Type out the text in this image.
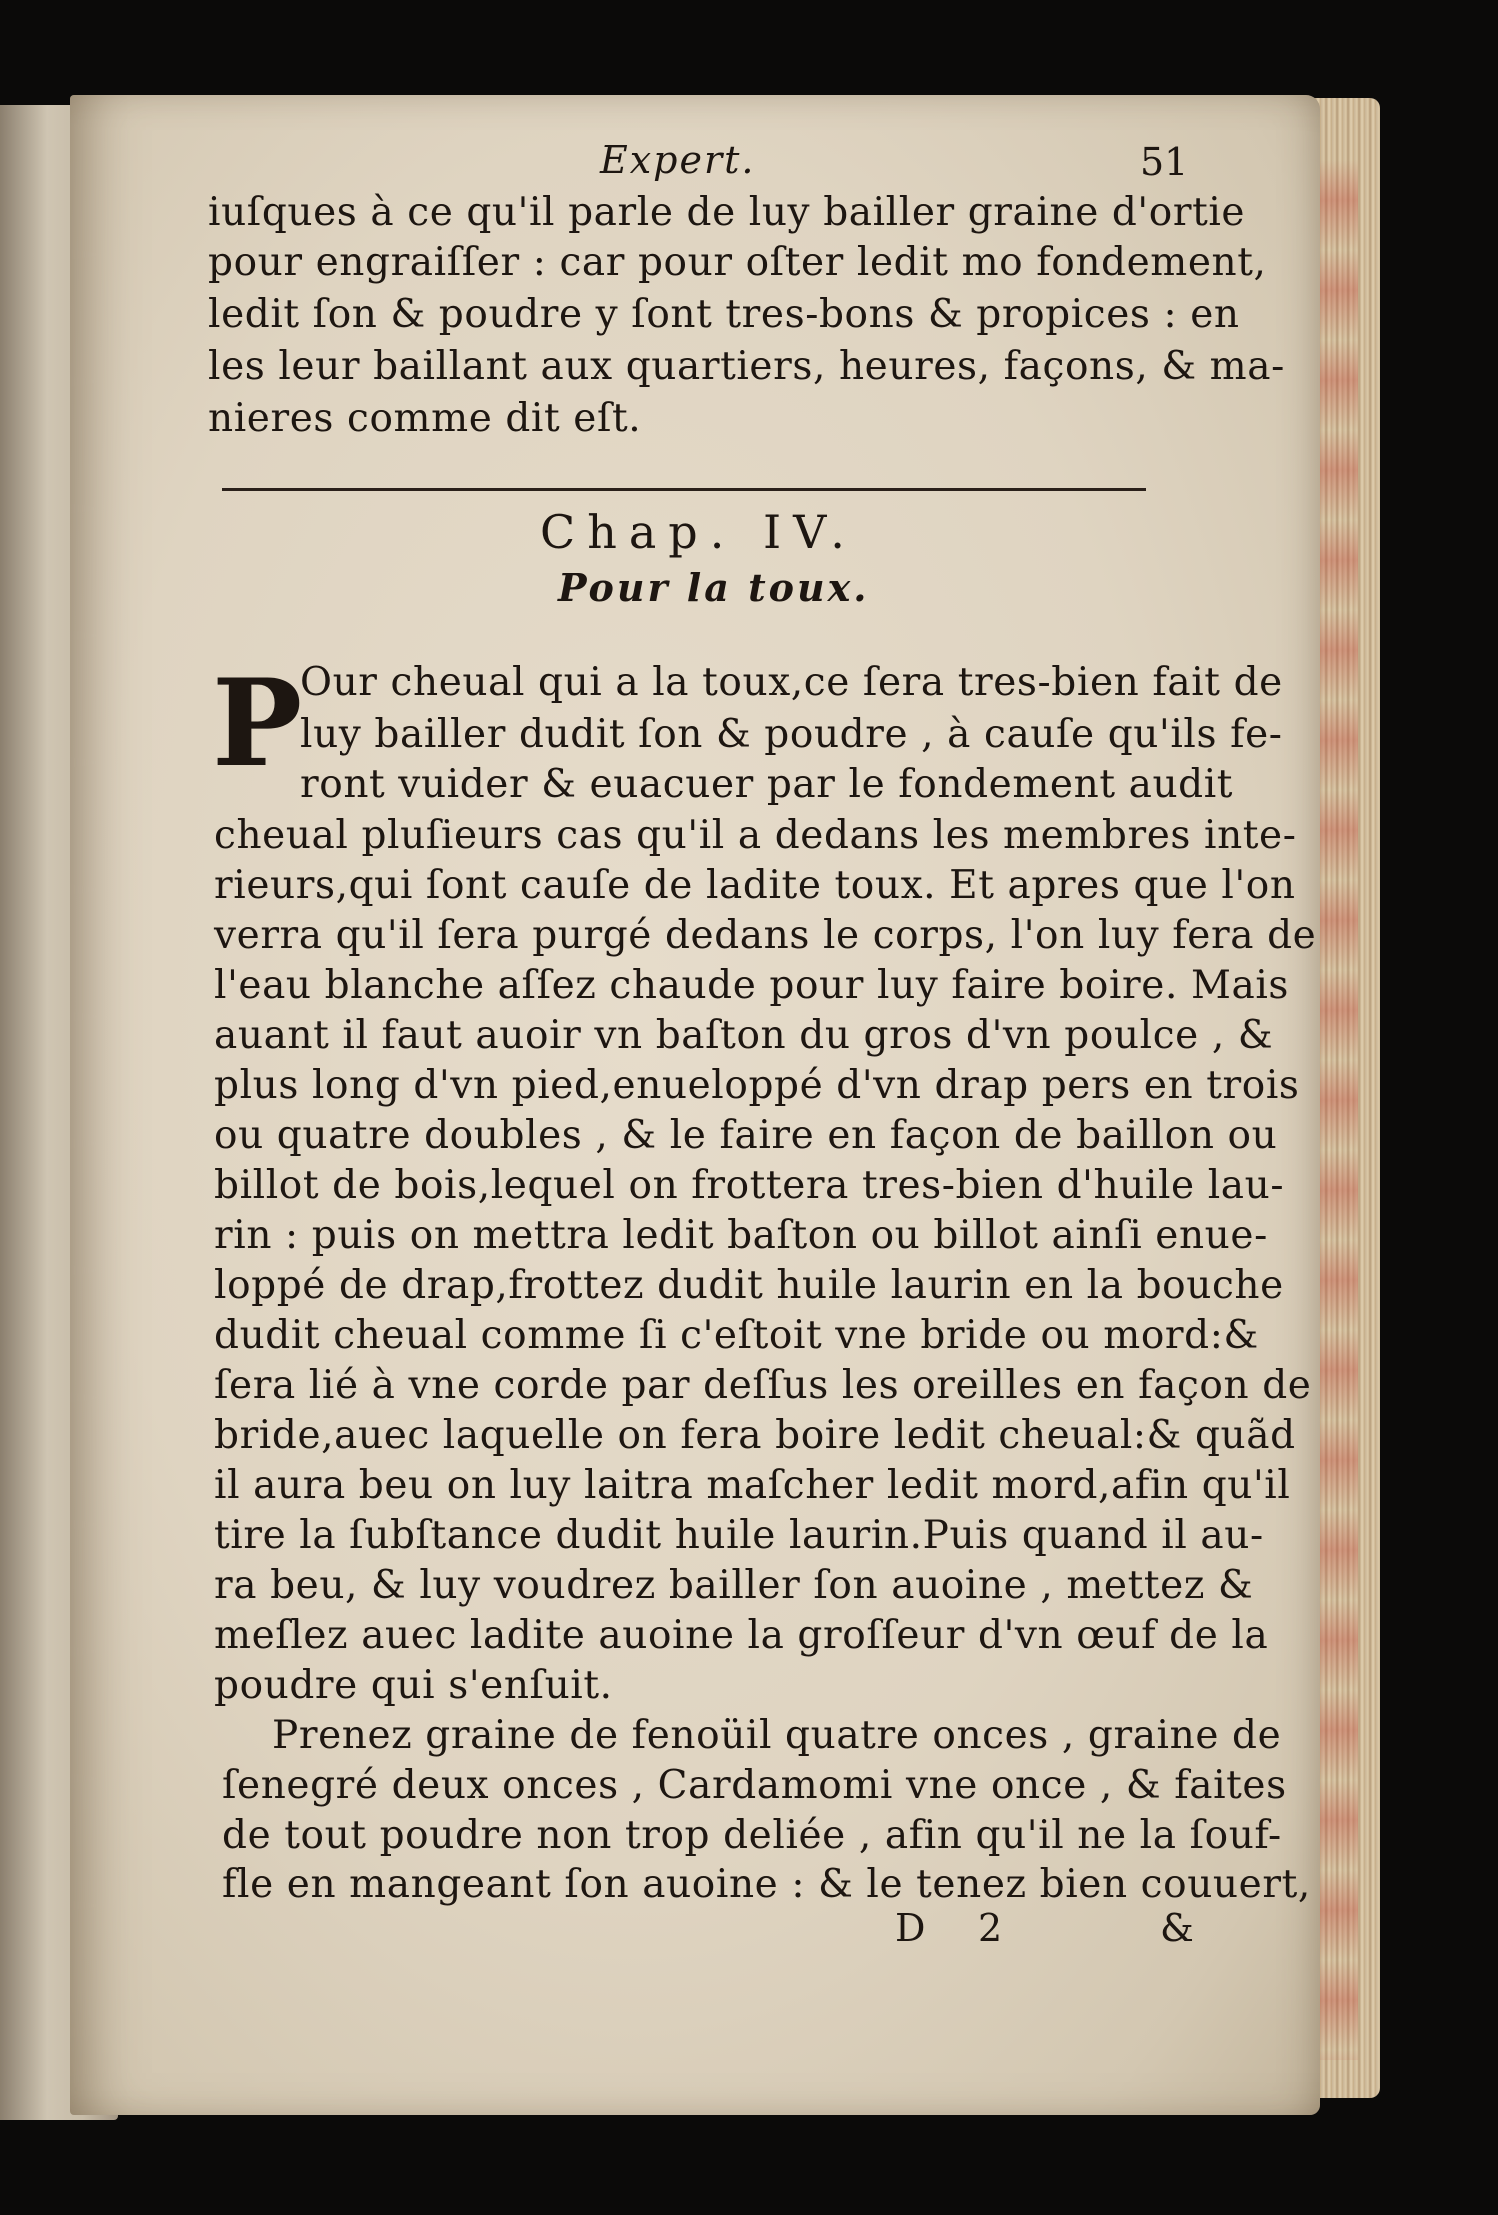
Expert.	51
iuſques à ce qu'il parle de luy bailler graine d'ortie
pour engraiſſer : car pour oſter ledit mo fondement,
ledit ſon & poudre y ſont tres-bons & propices : en
les leur baillant aux quartiers, heures, façons, & ma-
nieres comme dit eſt.
Chap. IV.
Pour la toux.
P
Our cheual qui a la toux,ce ſera tres-bien fait de
luy bailler dudit ſon & poudre , à cauſe qu'ils fe-
ront vuider & euacuer par le fondement audit
cheual pluſieurs cas qu'il a dedans les membres inte-
rieurs,qui ſont cauſe de ladite toux. Et apres que l'on
verra qu'il ſera purgé dedans le corps, l'on luy fera de
l'eau blanche aſſez chaude pour luy faire boire. Mais
auant il faut auoir vn baſton du gros d'vn poulce , &
plus long d'vn pied,enueloppé d'vn drap pers en trois
ou quatre doubles , & le faire en façon de baillon ou
billot de bois,lequel on frottera tres-bien d'huile lau-
rin : puis on mettra ledit baſton ou billot ainſi enue-
loppé de drap,frottez dudit huile laurin en la bouche
dudit cheual comme ſi c'eſtoit vne bride ou mord:&
ſera lié à vne corde par deſſus les oreilles en façon de
bride,auec laquelle on fera boire ledit cheual:& quãd
il aura beu on luy laitra maſcher ledit mord,afin qu'il
tire la ſubſtance dudit huile laurin.Puis quand il au-
ra beu, & luy voudrez bailler ſon auoine , mettez &
meſlez auec ladite auoine la groſſeur d'vn œuf de la
poudre qui s'enſuit.
Prenez graine de fenoüil quatre onces , graine de
ſenegré deux onces , Cardamomi vne once , & faites
de tout poudre non trop deliée , afin qu'il ne la ſouf-
fle en mangeant ſon auoine : & le tenez bien couuert,
D 2	&
